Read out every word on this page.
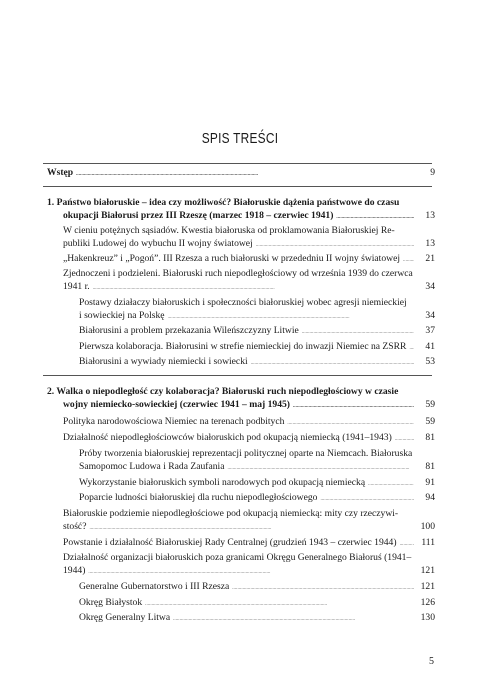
SPIS TREŚCI
Wstęp . . .	9
1. Państwo białoruskie – idea czy możliwość? Białoruskie dążenia państwowe do czasu
okupacji Białorusi przez III Rzeszę (marzec 1918 – czerwiec 1941) . . .	13
W cieniu potężnych sąsiadów. Kwestia białoruska od proklamowania Białoruskiej Re-
publiki Ludowej do wybuchu II wojny światowej . . .	13
„Hakenkreuz” i „Pogoń”. III Rzesza a ruch białoruski w przededniu II wojny światowej . . .	21
Zjednoczeni i podzieleni. Białoruski ruch niepodległościowy od września 1939 do czerwca
1941 r. . . .	34
Postawy działaczy białoruskich i społeczności białoruskiej wobec agresji niemieckiej
i sowieckiej na Polskę . . .	34
Białorusini a problem przekazania Wileńszczyzny Litwie . . .	37
Pierwsza kolaboracja. Białorusini w strefie niemieckiej do inwazji Niemiec na ZSRR . . .	41
Białorusini a wywiady niemiecki i sowiecki . . .	53
2. Walka o niepodległość czy kolaboracja? Białoruski ruch niepodległościowy w czasie
wojny niemiecko-sowieckiej (czerwiec 1941 – maj 1945) . . .	59
Polityka narodowościowa Niemiec na terenach podbitych . . .	59
Działalność niepodległościowców białoruskich pod okupacją niemiecką (1941–1943) . . .	81
Próby tworzenia białoruskiej reprezentacji politycznej oparte na Niemcach. Białoruska
Samopomoc Ludowa i Rada Zaufania . . .	81
Wykorzystanie białoruskich symboli narodowych pod okupacją niemiecką . . .	91
Poparcie ludności białoruskiej dla ruchu niepodległościowego . . .	94
Białoruskie podziemie niepodległościowe pod okupacją niemiecką: mity czy rzeczywi-
stość? . . .	100
Powstanie i działalność Białoruskiej Rady Centralnej (grudzień 1943 – czerwiec 1944) . . .	111
Działalność organizacji białoruskich poza granicami Okręgu Generalnego Białoruś (1941–
1944) . . .	121
Generalne Gubernatorstwo i III Rzesza . . .	121
Okręg Białystok . . .	126
Okręg Generalny Litwa . . .	130
5
